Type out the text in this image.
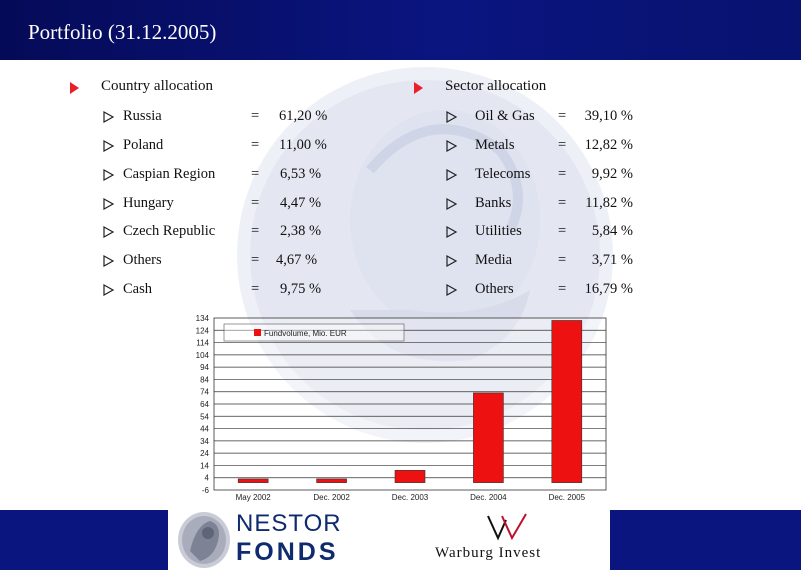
Portfolio (31.12.2005)
Country allocation	Sector allocation
Russia	= 61,20 %
Poland	= 11,00 %
Caspian Region = 6,53 %
Hungary	= 4,47 %
Czech Republic = 2,38 %
Others	= 4,67 %
Cash	= 9,75 %
Oil & Gas =	39,10 %
Metals	=	12,82 %
Telecoms =	9,92 %
Banks	=	11,82 %
Utilities	=	5,84 %
Media	=	3,71 %
Others	=	16,79 %
-6
4
14
24
34
44
54
64
74
84
94
104
114
124
134
May 2002	Dec. 2002	Dec. 2003	Dec. 2004	Dec. 2005
Fundvolume, Mio. EUR
NESTOR
FONDS	Warburg Invest
